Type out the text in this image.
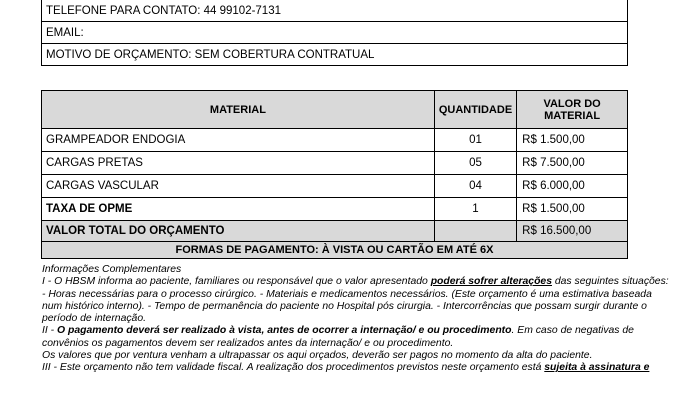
TELEFONE PARA CONTATO: 44 99102-7131
EMAIL:
MOTIVO DE ORÇAMENTO: SEM COBERTURA CONTRATUAL
MATERIAL	QUANTIDADE	VALOR DO MATERIAL
GRAMPEADOR ENDOGIA	01	R$ 1.500,00
CARGAS PRETAS	05	R$ 7.500,00
CARGAS VASCULAR	04	R$ 6.000,00
TAXA DE OPME	1	R$ 1.500,00
VALOR TOTAL DO ORÇAMENTO		R$ 16.500,00
FORMAS DE PAGAMENTO: À VISTA OU CARTÃO EM ATÉ 6X		

Informações Complementares

I - O HBSM informa ao paciente, familiares ou responsável que o valor apresentado poderá sofrer alterações das seguintes situações:

- Horas necessárias para o processo cirúrgico. - Materiais e medicamentos necessários. (Este orçamento é uma estimativa baseada num histórico interno). - Tempo de permanência do paciente no Hospital pós cirurgia. - Intercorrências que possam surgir durante o período de internação.

II - O pagamento deverá ser realizado à vista, antes de ocorrer a internação/ e ou procedimento. Em caso de negativas de convênios os pagamentos devem ser realizados antes da internação/ e ou procedimento.

Os valores que por ventura venham a ultrapassar os aqui orçados, deverão ser pagos no momento da alta do paciente.

III - Este orçamento não tem validade fiscal. A realização dos procedimentos previstos neste orçamento está sujeita à assinatura e
